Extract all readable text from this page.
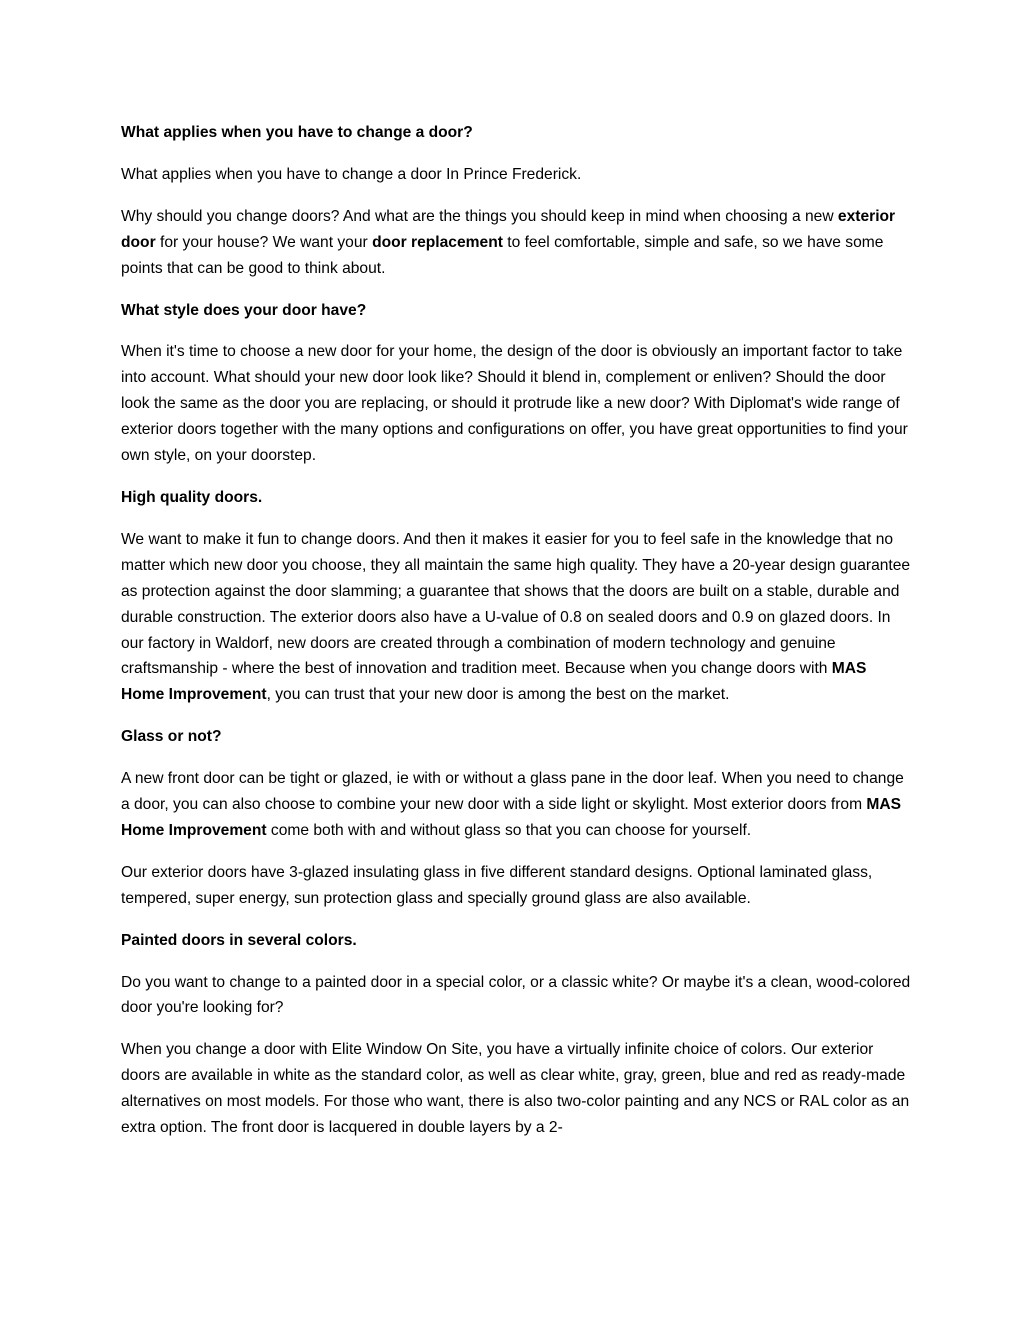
What applies when you have to change a door?

What applies when you have to change a door In Prince Frederick.

Why should you change doors? And what are the things you should keep in mind when choosing a new exterior door for your house? We want your door replacement to feel comfortable, simple and safe, so we have some points that can be good to think about.

What style does your door have?

When it's time to choose a new door for your home, the design of the door is obviously an important factor to take into account. What should your new door look like? Should it blend in, complement or enliven? Should the door look the same as the door you are replacing, or should it protrude like a new door? With Diplomat's wide range of exterior doors together with the many options and configurations on offer, you have great opportunities to find your own style, on your doorstep.

High quality doors.

We want to make it fun to change doors. And then it makes it easier for you to feel safe in the knowledge that no matter which new door you choose, they all maintain the same high quality. They have a 20-year design guarantee as protection against the door slamming; a guarantee that shows that the doors are built on a stable, durable and durable construction. The exterior doors also have a U-value of 0.8 on sealed doors and 0.9 on glazed doors. In our factory in Waldorf, new doors are created through a combination of modern technology and genuine craftsmanship - where the best of innovation and tradition meet. Because when you change doors with MAS Home Improvement, you can trust that your new door is among the best on the market.

Glass or not?

A new front door can be tight or glazed, ie with or without a glass pane in the door leaf. When you need to change a door, you can also choose to combine your new door with a side light or skylight. Most exterior doors from MAS Home Improvement come both with and without glass so that you can choose for yourself.

Our exterior doors have 3-glazed insulating glass in five different standard designs. Optional laminated glass, tempered, super energy, sun protection glass and specially ground glass are also available.

Painted doors in several colors.

Do you want to change to a painted door in a special color, or a classic white? Or maybe it's a clean, wood-colored door you're looking for?

When you change a door with Elite Window On Site, you have a virtually infinite choice of colors. Our exterior doors are available in white as the standard color, as well as clear white, gray, green, blue and red as ready-made alternatives on most models. For those who want, there is also two-color painting and any NCS or RAL color as an extra option. The front door is lacquered in double layers by a 2-
